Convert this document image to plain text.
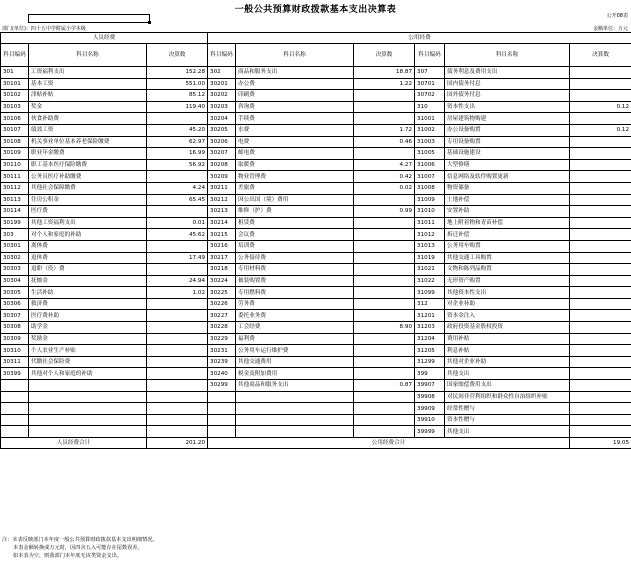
一般公共预算财政拨款基本支出决算表
公开08表
部门(单位)：四十五中学附属小学本级	金额单位：万元
人员经费			公用经费					
科目编码	科目名称	决算数	科目编码	科目名称	决算数	科目编码	科目名称	决算数
301	工资福利支出	152.28	302	商品和服务支出	18.87	307	债务利息及费用支出	
30101	基本工资	551.00	30201	办公费	1.22	30701	国内债务付息	
30102	津贴补贴	85.12	30202	印刷费		30702	国外债务付息	
30103	奖金	119.40	30203	咨询费		310	资本性支出	0.12
30106	伙食补助费		30204	手续费		31001	房屋建筑物购建	
30107	绩效工资	45.20	30205	水费	1.72	31002	办公设备购置	0.12
30108	机关事业单位基本养老保险缴费	62.97	30206	电费	0.46	31003	专用设备购置	
30109	职业年金缴费	16.99	30207	邮电费		31005	基础设施建设	
30110	职工基本医疗保险缴费	56.92	30208	取暖费	4.27	31006	大型修缮	
30111	公务员医疗补助缴费		30209	物业管理费	0.42	31007	信息网络及软件购置更新	
30112	其他社会保障缴费	4.24	30211	差旅费	0.02	31008	物资储备	
30113	住房公积金	65.45	30212	因公出国（境）费用		31009	土地补偿	
30114	医疗费		30213	维修（护）费	0.99	31010	安置补助	
30199	其他工资福利支出	0.01	30214	租赁费		31011	地上附着物和青苗补偿	
303	对个人和家庭的补助	45.62	30215	会议费		31012	拆迁补偿	
30301	离休费		30216	培训费		31013	公务用车购置	
30302	退休费	17.49	30217	公务接待费		31019	其他交通工具购置	
30303	退职（役）费		30218	专用材料费		31021	文物和陈列品购置	
30304	抚恤金	24.94	30224	被装购置费		31022	无形资产购置	
30305	生活补助	1.02	30225	专用燃料费		31099	其他资本性支出	
30306	救济费		30226	劳务费		312	对企业补助	
30307	医疗费补助		30227	委托业务费		31201	资本金注入	
30308	助学金		30228	工会经费	8.90	31203	政府投资基金股权投资	
30309	奖励金		30229	福利费		31204	费用补贴	
30310	个人农业生产补贴		30231	公务用车运行维护费		31205	利息补贴	
30311	代缴社会保险费		30239	其他交通费用		31299	其他对企业补助	
30399	其他对个人和家庭的补助		30240	税金及附加费用		399	其他支出	
			30299	其他商品和服务支出	0.87	39907	国家赔偿费用支出	
						39908	对民间非营利组织和群众性自治组织补贴	
						39909	经常性赠与	
						39910	资本性赠与	
						39999	其他支出	
人员经费合计		201.20	公用经费合计					19.05
注：本表反映部门本年度一般公共预算财政拨款基本支出明细情况。
本表金额转换成万元时，因四舍五入可能存在尾数误差。
如本表为空，则我部门本年度无该类资金支出。
